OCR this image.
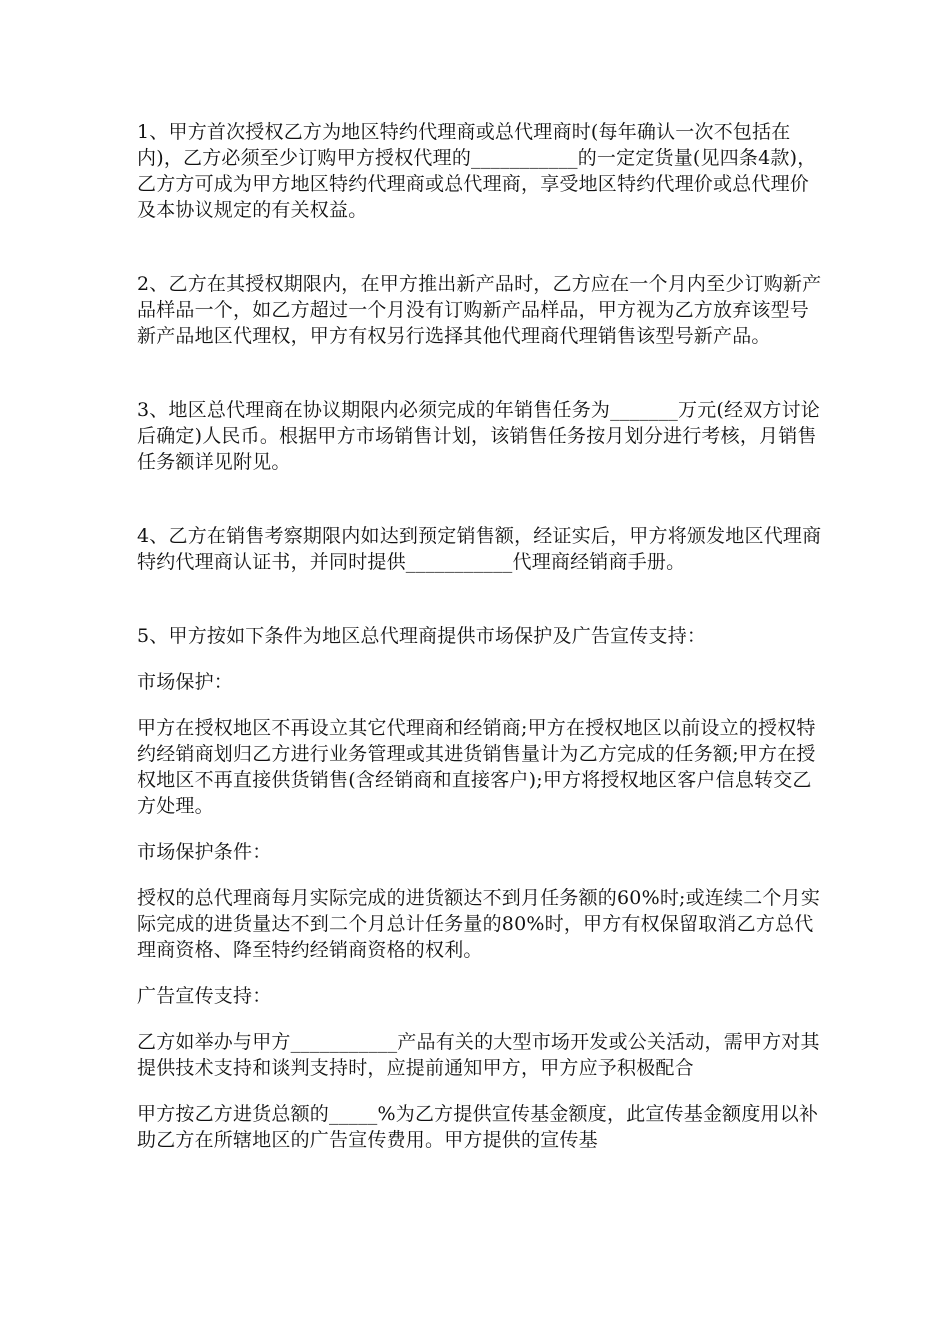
1、甲方首次授权乙方为地区特约代理商或总代理商时(每年确认一次不包括在内)，乙方必须至少订购甲方授权代理的___________的一定定货量(见四条4款)，乙方方可成为甲方地区特约代理商或总代理商，享受地区特约代理价或总代理价及本协议规定的有关权益。

2、乙方在其授权期限内，在甲方推出新产品时，乙方应在一个月内至少订购新产品样品一个，如乙方超过一个月没有订购新产品样品，甲方视为乙方放弃该型号新产品地区代理权，甲方有权另行选择其他代理商代理销售该型号新产品。

3、地区总代理商在协议期限内必须完成的年销售任务为_______万元(经双方讨论后确定)人民币。根据甲方市场销售计划，该销售任务按月划分进行考核，月销售任务额详见附见。

4、乙方在销售考察期限内如达到预定销售额，经证实后，甲方将颁发地区代理商特约代理商认证书，并同时提供___________代理商经销商手册。

5、甲方按如下条件为地区总代理商提供市场保护及广告宣传支持：

市场保护：

甲方在授权地区不再设立其它代理商和经销商;甲方在授权地区以前设立的授权特约经销商划归乙方进行业务管理或其进货销售量计为乙方完成的任务额;甲方在授权地区不再直接供货销售(含经销商和直接客户);甲方将授权地区客户信息转交乙方处理。

市场保护条件：

授权的总代理商每月实际完成的进货额达不到月任务额的60%时;或连续二个月实际完成的进货量达不到二个月总计任务量的80%时，甲方有权保留取消乙方总代理商资格、降至特约经销商资格的权利。

广告宣传支持：

乙方如举办与甲方___________产品有关的大型市场开发或公关活动，需甲方对其提供技术支持和谈判支持时，应提前通知甲方，甲方应予积极配合

甲方按乙方进货总额的_____%为乙方提供宣传基金额度，此宣传基金额度用以补助乙方在所辖地区的广告宣传费用。甲方提供的宣传基
